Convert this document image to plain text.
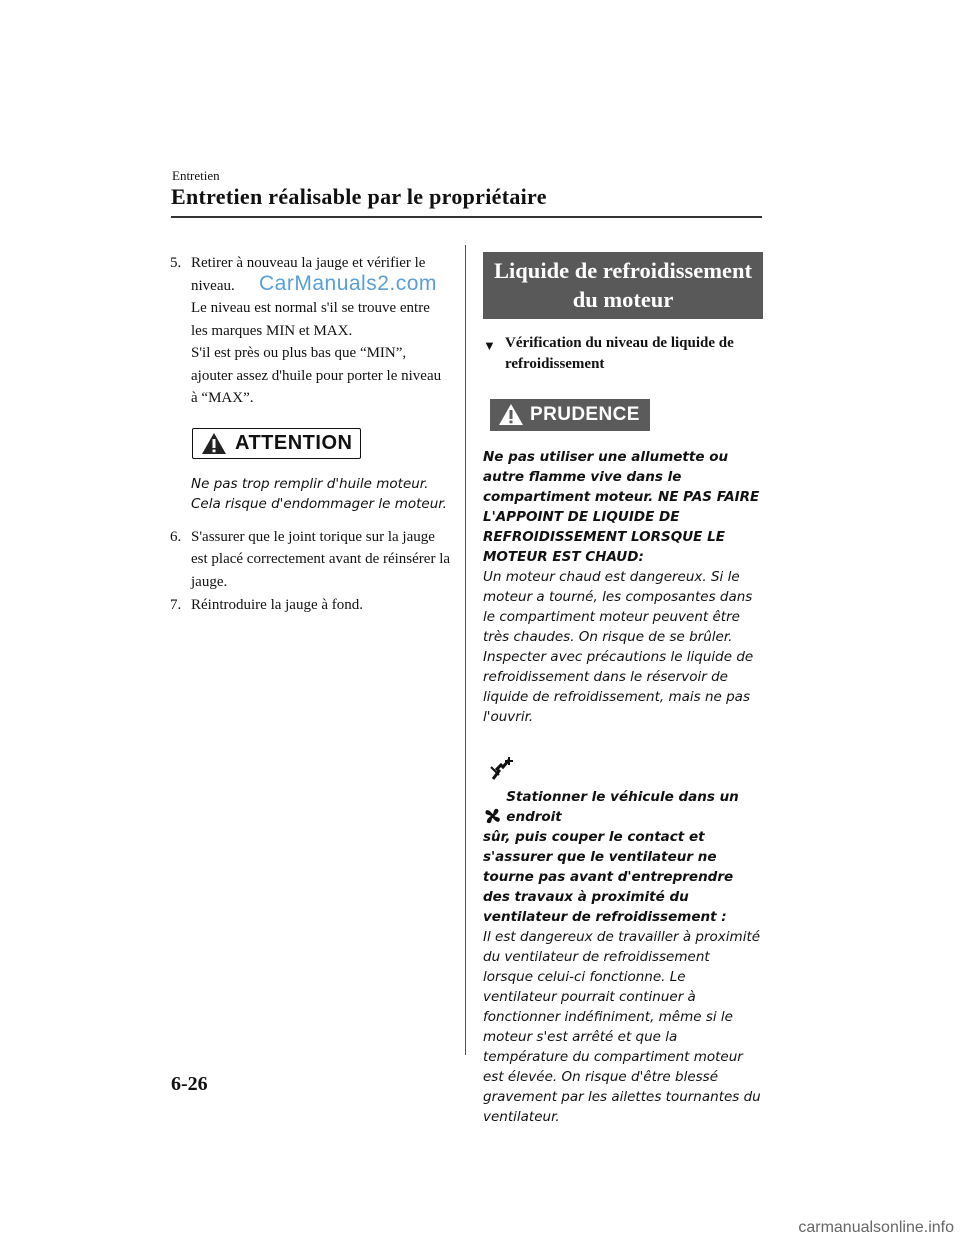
Entretien
Entretien réalisable par le propriétaire
CarManuals2.com
5. Retirer à nouveau la jauge et vérifier le niveau.

Le niveau est normal s'il se trouve entre les marques MIN et MAX.

S'il est près ou plus bas que “MIN”, ajouter assez d'huile pour porter le niveau à “MAX”.

ATTENTION

Ne pas trop remplir d'huile moteur. Cela risque d'endommager le moteur.

6. S'assurer que le joint torique sur la jauge est placé correctement avant de réinsérer la jauge.

7. Réintroduire la jauge à fond.

Liquide de refroidissement du moteur
▼ Vérification du niveau de liquide de refroidissement
PRUDENCE

Ne pas utiliser une allumette ou autre flamme vive dans le compartiment moteur. NE PAS FAIRE L'APPOINT DE LIQUIDE DE REFROIDISSEMENT LORSQUE LE MOTEUR EST CHAUD:

Un moteur chaud est dangereux. Si le moteur a tourné, les composantes dans le compartiment moteur peuvent être très chaudes. On risque de se brûler. Inspecter avec précautions le liquide de refroidissement dans le réservoir de liquide de refroidissement, mais ne pas l'ouvrir.

Stationner le véhicule dans un endroit

sûr, puis couper le contact et s'assurer que le ventilateur ne tourne pas avant d'entreprendre des travaux à proximité du ventilateur de refroidissement :

Il est dangereux de travailler à proximité du ventilateur de refroidissement lorsque celui-ci fonctionne. Le ventilateur pourrait continuer à fonctionner indéfiniment, même si le moteur s'est arrêté et que la température du compartiment moteur est élevée. On risque d'être blessé gravement par les ailettes tournantes du ventilateur.

6-26
carmanualsonline.info
